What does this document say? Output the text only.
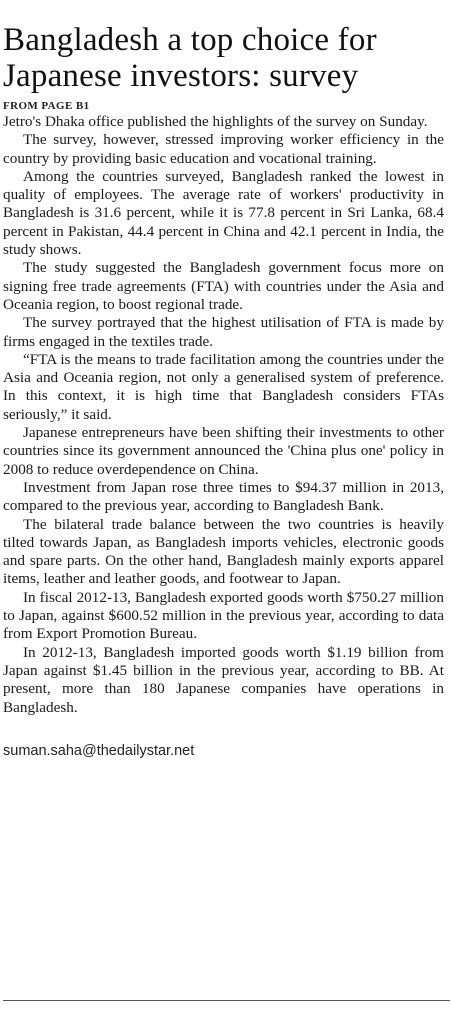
Bangladesh a top choice for
Japanese investors: survey
FROM PAGE B1

Jetro's Dhaka office published the highlights of the survey on Sunday.

The survey, however, stressed improving worker efficiency in the country by providing basic education and vocational training.

Among the countries surveyed, Bangladesh ranked the lowest in quality of employees. The average rate of workers' productivity in Bangladesh is 31.6 percent, while it is 77.8 percent in Sri Lanka, 68.4 percent in Pakistan, 44.4 percent in China and 42.1 percent in India, the study shows.

The study suggested the Bangladesh government focus more on signing free trade agreements (FTA) with countries under the Asia and Oceania region, to boost regional trade.

The survey portrayed that the highest utilisation of FTA is made by firms engaged in the textiles trade.

“FTA is the means to trade facilitation among the countries under the Asia and Oceania region, not only a generalised system of preference. In this context, it is high time that Bangladesh considers FTAs seriously,” it said.

Japanese entrepreneurs have been shifting their investments to other countries since its government announced the 'China plus one' policy in 2008 to reduce overdependence on China.

Investment from Japan rose three times to $94.37 million in 2013, compared to the previous year, according to Bangladesh Bank.

The bilateral trade balance between the two countries is heavily tilted towards Japan, as Bangladesh imports vehicles, electronic goods and spare parts. On the other hand, Bangladesh mainly exports apparel items, leather and leather goods, and footwear to Japan.

In fiscal 2012-13, Bangladesh exported goods worth $750.27 million to Japan, against $600.52 million in the previous year, according to data from Export Promotion Bureau.

In 2012-13, Bangladesh imported goods worth $1.19 billion from Japan against $1.45 billion in the previous year, according to BB. At present, more than 180 Japanese companies have operations in Bangladesh.

suman.saha@thedailystar.net
